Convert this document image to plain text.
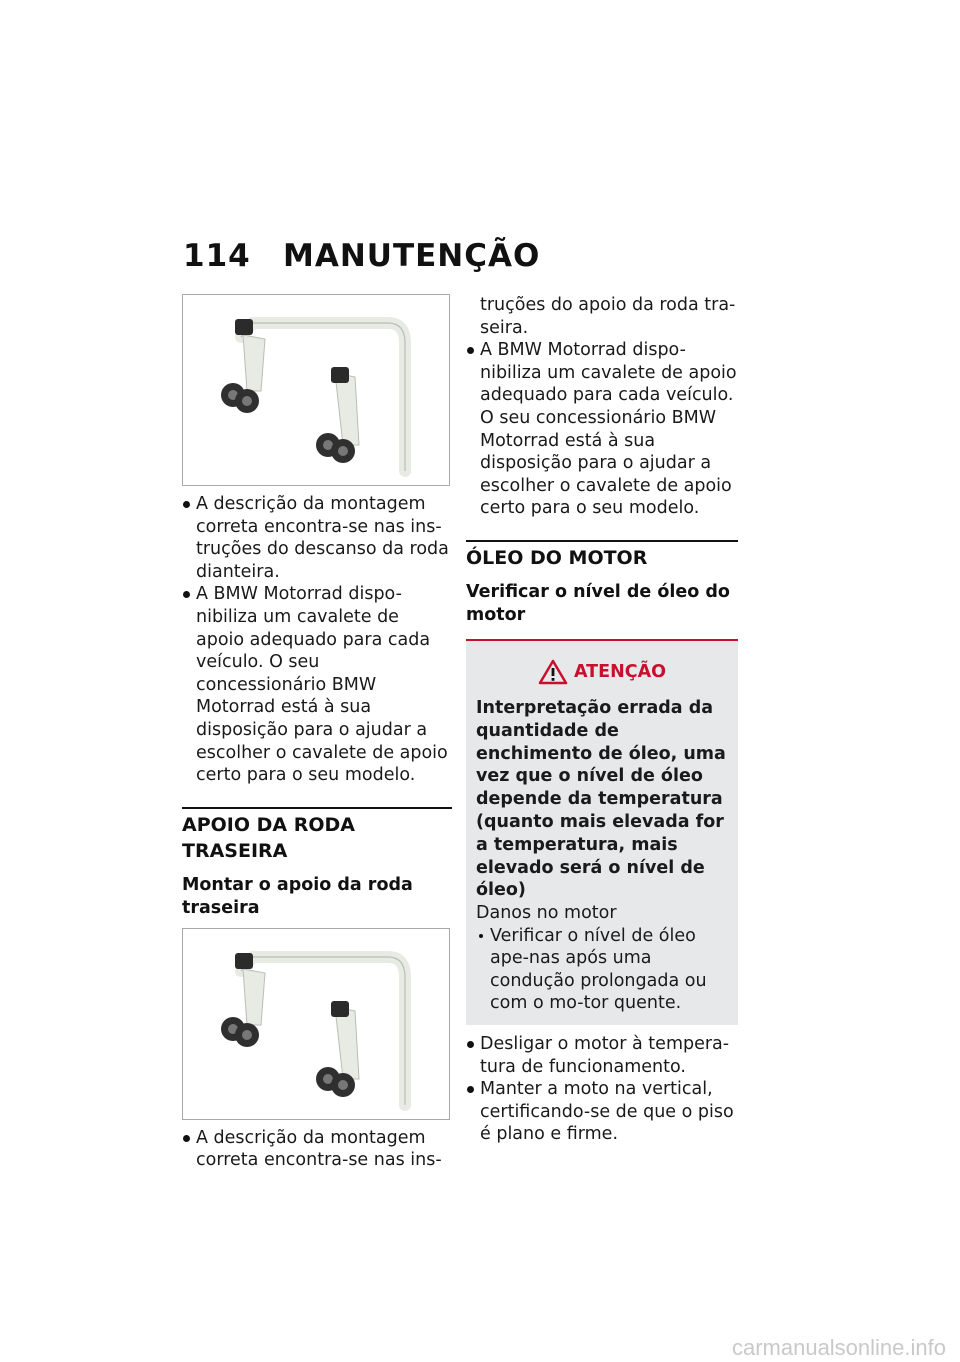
114 MANUTENÇÃO
A descrição da montagem correta encontra-se nas ins-truções do descanso da roda dianteira.
A BMW Motorrad dispo-nibiliza um cavalete de apoio adequado para cada veículo. O seu concessionário BMW Motorrad está à sua disposição para o ajudar a escolher o cavalete de apoio certo para o seu modelo.
APOIO DA RODA TRASEIRA
Montar o apoio da roda traseira
A descrição da montagem correta encontra-se nas ins-
truções do apoio da roda tra-seira.
A BMW Motorrad dispo-nibiliza um cavalete de apoio adequado para cada veículo. O seu concessionário BMW Motorrad está à sua disposição para o ajudar a escolher o cavalete de apoio certo para o seu modelo.
ÓLEO DO MOTOR
Verificar o nível de óleo do motor
ATENÇÃO
Interpretação errada da quantidade de enchimento de óleo, uma vez que o nível de óleo depende da temperatura (quanto mais elevada for a temperatura, mais elevado será o nível de óleo)
Danos no motor
Verificar o nível de óleo ape-nas após uma condução prolongada ou com o mo-tor quente.
Desligar o motor à tempera-tura de funcionamento.
Manter a moto na vertical, certificando-se de que o piso é plano e firme.
carmanualsonline.info
